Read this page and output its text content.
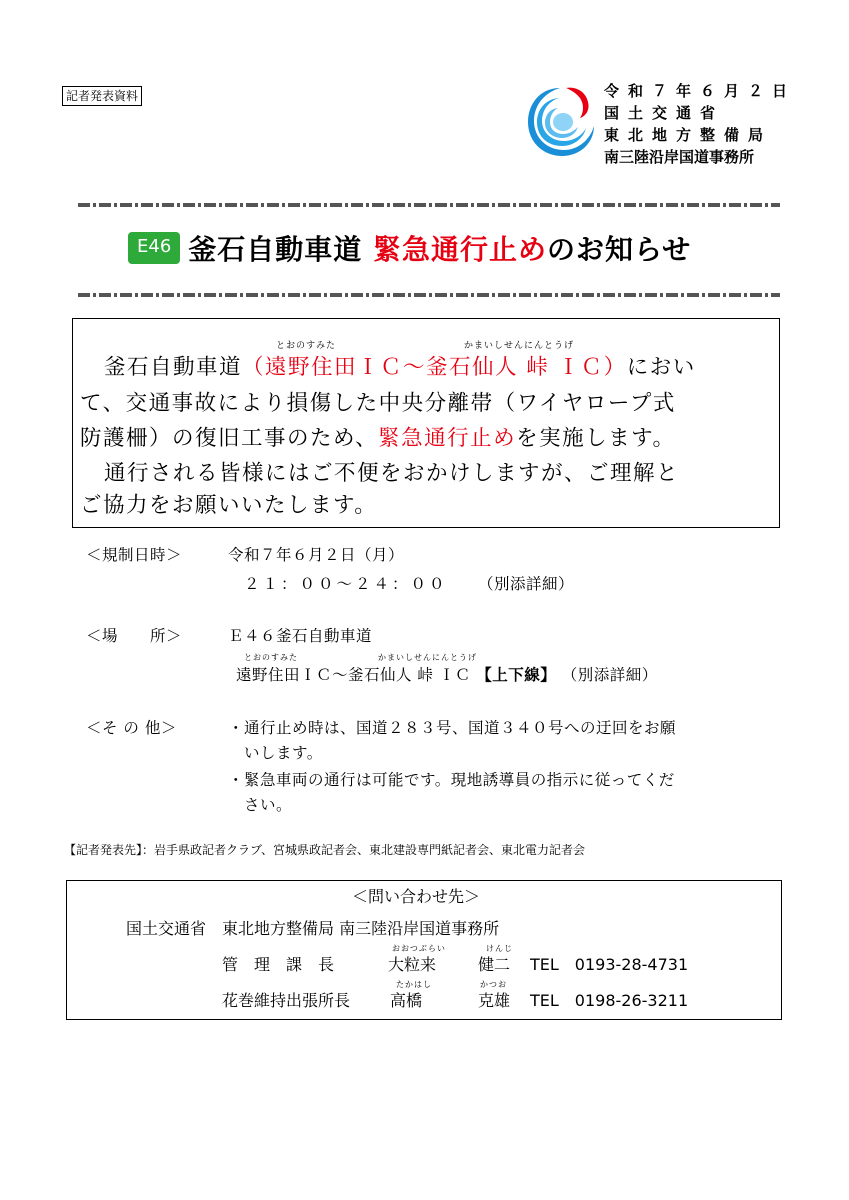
記者発表資料	令和７年６月２日
国土交通省
東北地方整備局
南三陸沿岸国道事務所
E46 釜石自動車道 緊急通行止めのお知らせ
とおのすみた	かまいしせんにんとうげ
釜石自動車道（遠野住田ＩＣ～釜石仙人 峠 ＩＣ）におい
て、交通事故により損傷した中央分離帯（ワイヤロープ式
防護柵）の復旧工事のため、緊急通行止めを実施します。
通行される皆様にはご不便をおかけしますが、ご理解と
ご協力をお願いいたします。
＜規制日時＞	令和７年６月２日（月）
２１：００～２４：００ （別添詳細）
＜場　　所＞	Ｅ４６釜石自動車道
とおのすみた	かまいしせんにんとうげ
遠野住田ＩＣ～釜石仙人 峠 ＩＣ 【上下線】 （別添詳細）
＜そ の 他＞	・通行止め時は、国道２８３号、国道３４０号への迂回をお願
いします。
・緊急車両の通行は可能です。現地誘導員の指示に従ってくだ
さい。
【記者発表先】：岩手県政記者クラブ、宮城県政記者会、東北建設専門紙記者会、東北電力記者会
＜問い合わせ先＞
国土交通省　東北地方整備局 南三陸沿岸国道事務所
おおつぶらい	けんじ
管　理　課　長	大粒来	健二 TEL　0193-28-4731
たかはし	かつお
花巻維持出張所長 高橋	克雄 TEL　0198-26-3211
